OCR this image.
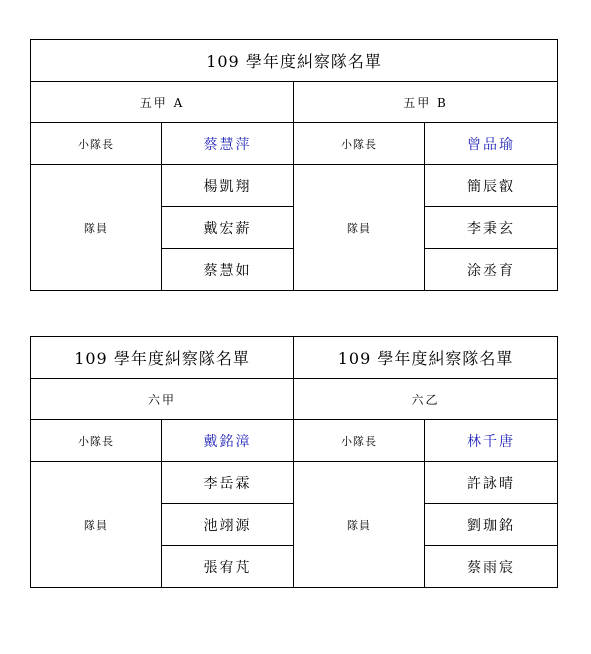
109 學年度糾察隊名單			
五甲 A		五甲 B	
小隊長	蔡慧萍	小隊長	曾品瑜
隊員	楊凱翔	隊員	簡辰叡
	戴宏薪		李秉玄
	蔡慧如		涂丞育
109 學年度糾察隊名單		109 學年度糾察隊名單	
六甲		六乙	
小隊長	戴銘漳	小隊長	林千唐
隊員	李岳霖	隊員	許詠晴
	池翊源		劉珈銘
	張宥芃		蔡雨宸
